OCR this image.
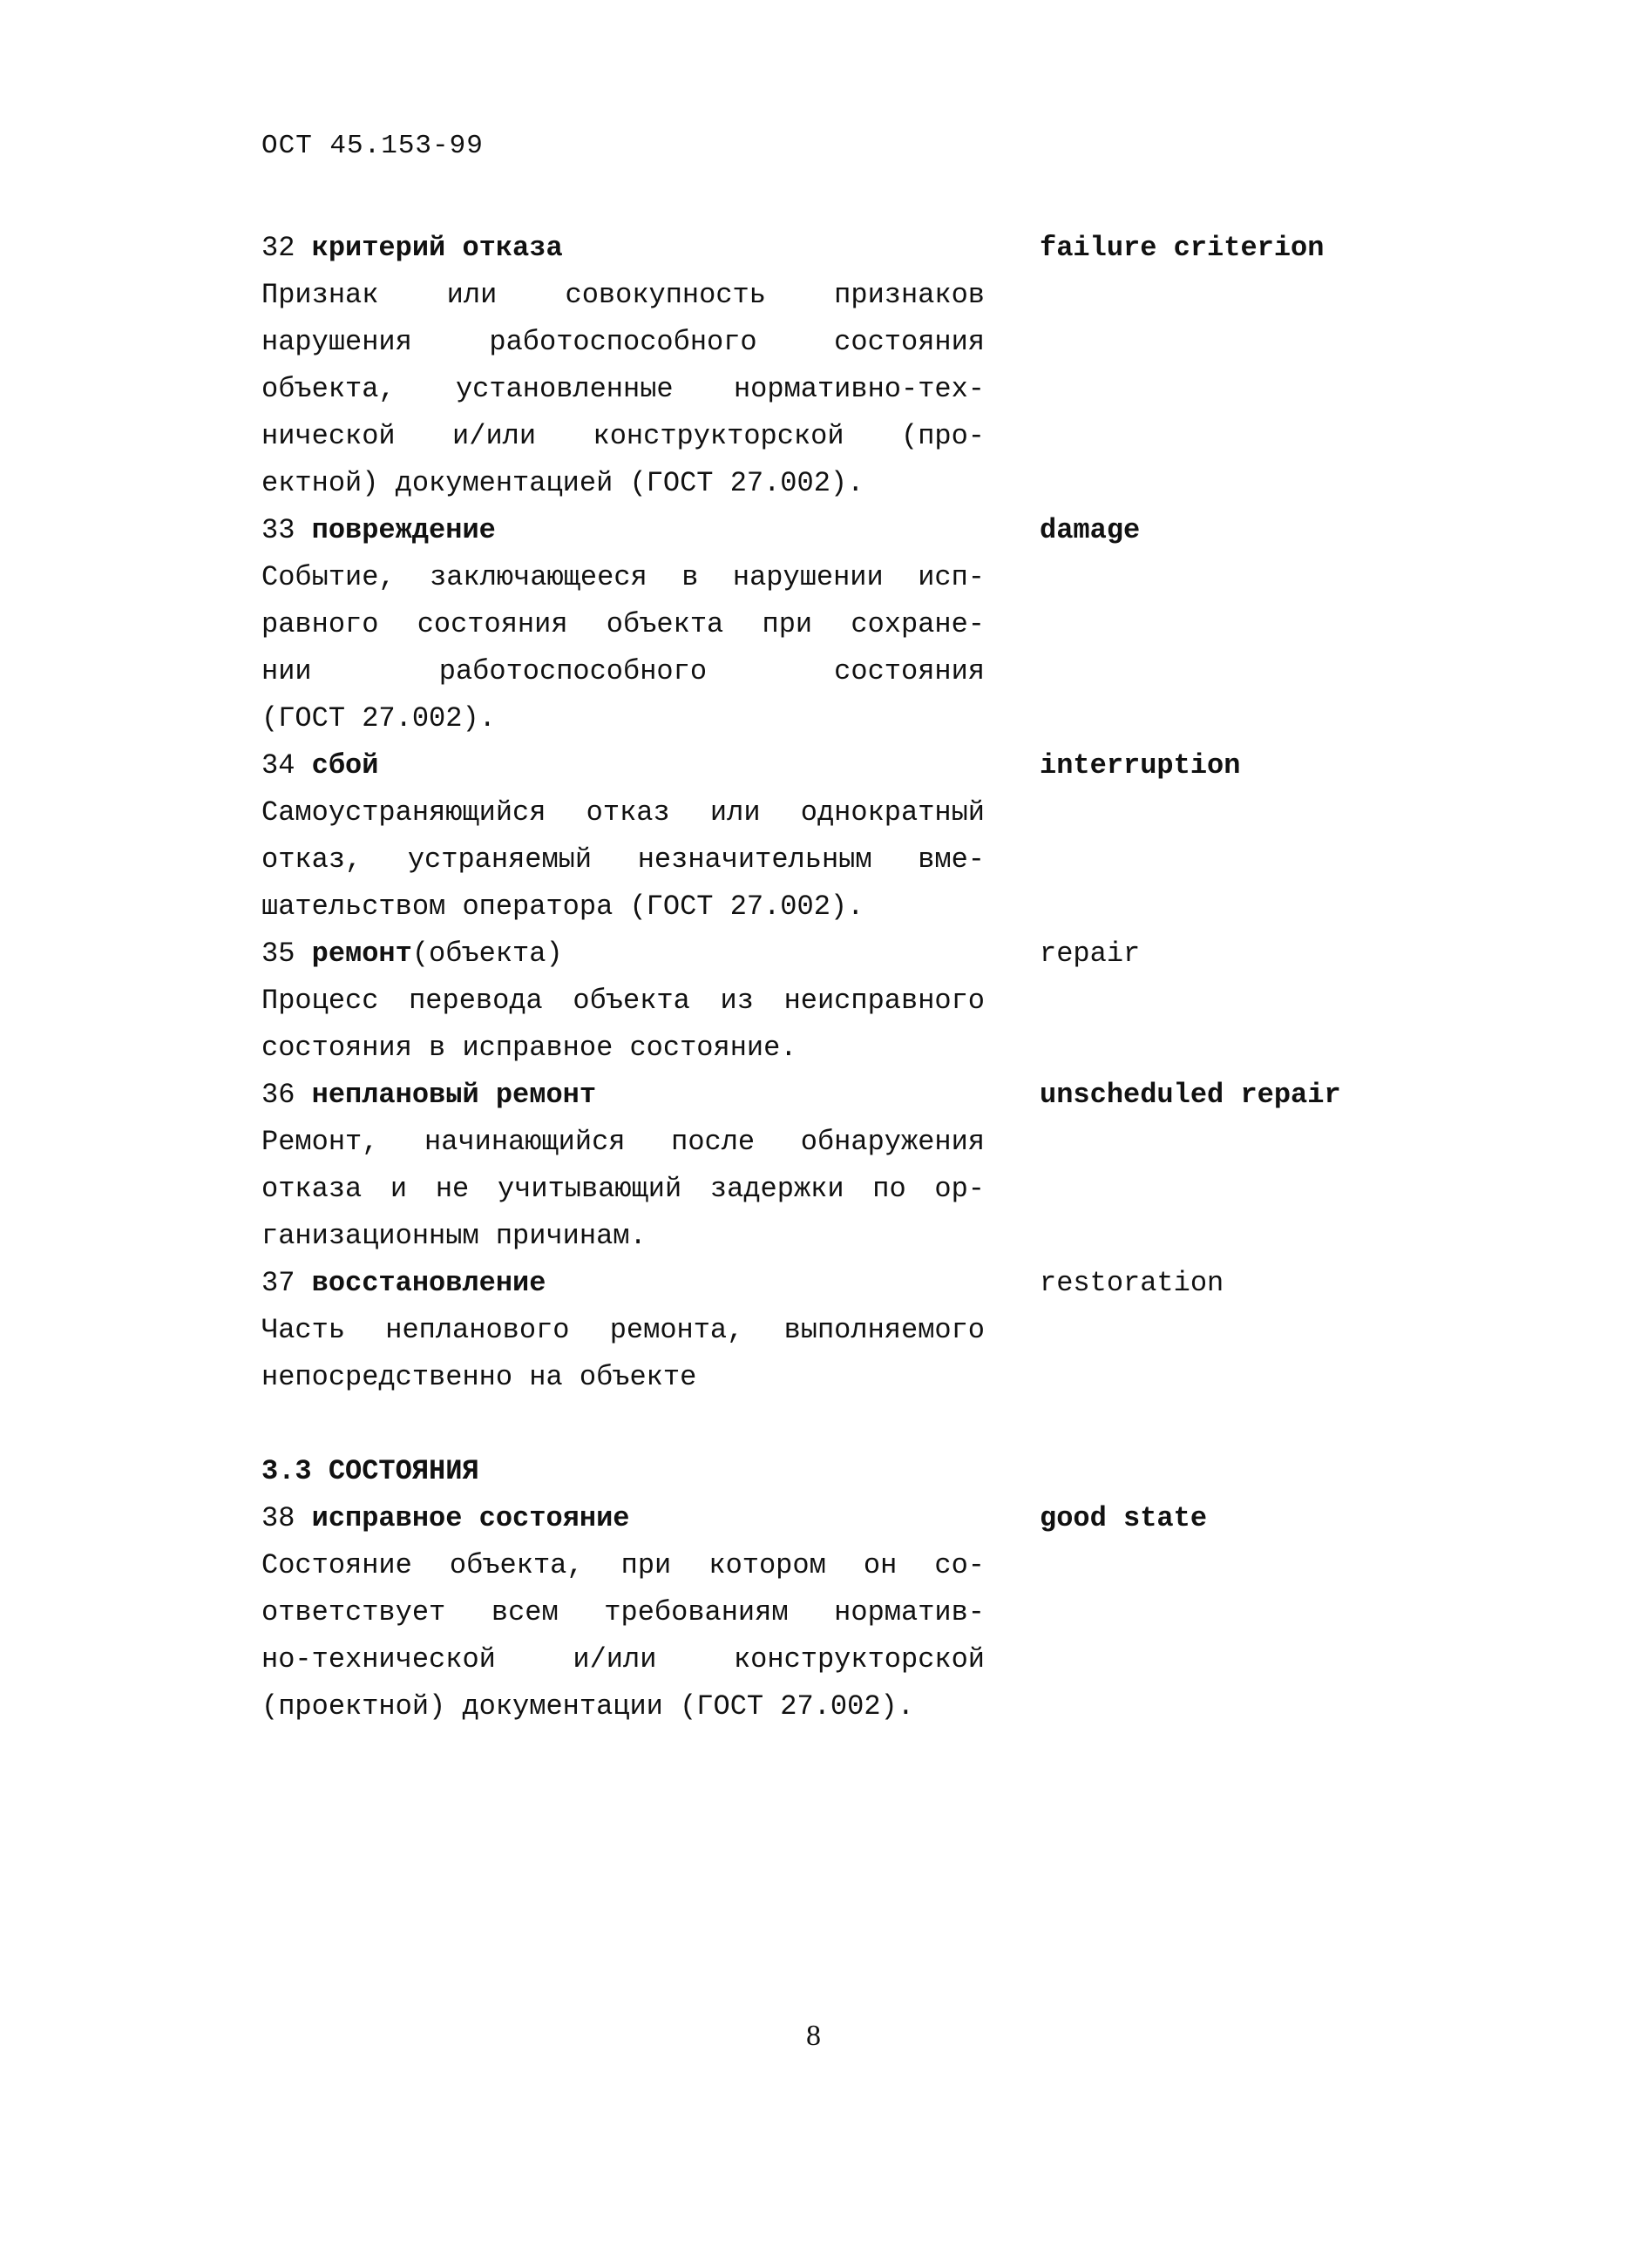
ОСТ 45.153-99
32 критерий отказа	failure criterion
Признак или совокупность признаков
нарушения работоспособного состояния
объекта, установленные нормативно-тех-
нической и/или конструкторской (про-
ектной) документацией (ГОСТ 27.002).
33 повреждение	damage
Событие, заключающееся в нарушении исп-
равного состояния объекта при сохране-
нии работоспособного состояния
(ГОСТ 27.002).
34 сбой	interruption
Самоустраняющийся отказ или однократный
отказ, устраняемый незначительным вме-
шательством оператора (ГОСТ 27.002).
35 ремонт(объекта)	repair
Процесс перевода объекта из неисправного
состояния в исправное состояние.
36 неплановый ремонт	unscheduled repair
Ремонт, начинающийся после обнаружения
отказа и не учитывающий задержки по ор-
ганизационным причинам.
37 восстановление	restoration
Часть непланового ремонта, выполняемого
непосредственно на объекте
3.3 СОСТОЯНИЯ
38 исправное состояние	good state
Состояние объекта, при котором он со-
ответствует всем требованиям норматив-
но-технической и/или конструкторской
(проектной) документации (ГОСТ 27.002).
8
